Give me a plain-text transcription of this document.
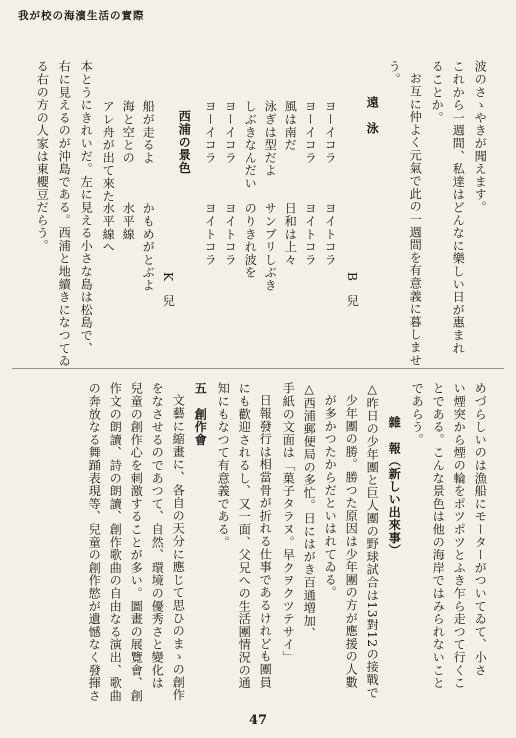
我が校の海濱生活の實際
波のさゝやきが聞えます。
これから一週間、私達はどんなに樂しい日が惠まれ
ることか。
お互に仲よく元氣で此の一週間を有意義に暮しませ
う。
遠　泳
B　兒
ヨーイコラ
ヨイトコラ
ヨーイコラ
ヨイトコラ
風は南だ
日和は上々
泳ぎは型だよ
サンブリしぶき
しぶきなんだい
のりきれ波を
ヨーイコラ
ヨイトコラ
ヨーイコラ
ヨイトコラ
西浦の景色
K　兒
船が走るよ
かもめがとぶよ
海と空との
水平線
アレ舟が出て來た
水平線へ
本とうにきれいだ。左に見える小さな島は松島で、
右に見えるのが沖島である。西浦と地續きになつてゐ
る右の方の人家は東櫻豆だらう。
めづらしいのは漁船にモーターがついてゐて、小さ
い煙突から煙の輪をポツポツとふき乍ら走つて行くこ
とである。こんな景色は他の海岸ではみられないこと
であらう。
雜　報（新しい出來事）
△昨日の少年團と巨人團の野球試合は13對12の接戰で
少年團の勝。勝つた原因は少年團の方が應援の人數
が多かつたからだといはれてゐる。
△西浦郵便局の多忙。日にはがき百通増加、
手紙の文面は「菓子タラヌ。早クヲクツテサイ」
日報發行は相當骨が折れる仕事であるけれども團員
にも歡迎されるし、又一面、父兄への生活團情況の通
知にもなつて有意義である。
五　創作會
文藝に縮畫に、各自の天分に應じて思ひのまゝの創作
をなさせるのであつて、自然、環境の優秀さと變化は
兒童の創作心を刺激することが多い。圖畫の展覽會、創
作文の朗讀、詩の朗讀、創作歌曲の自由なる演出、歌曲
の奔放なる舞踊表現等、兒童の創作慾が遺憾なく發揮さ
47
